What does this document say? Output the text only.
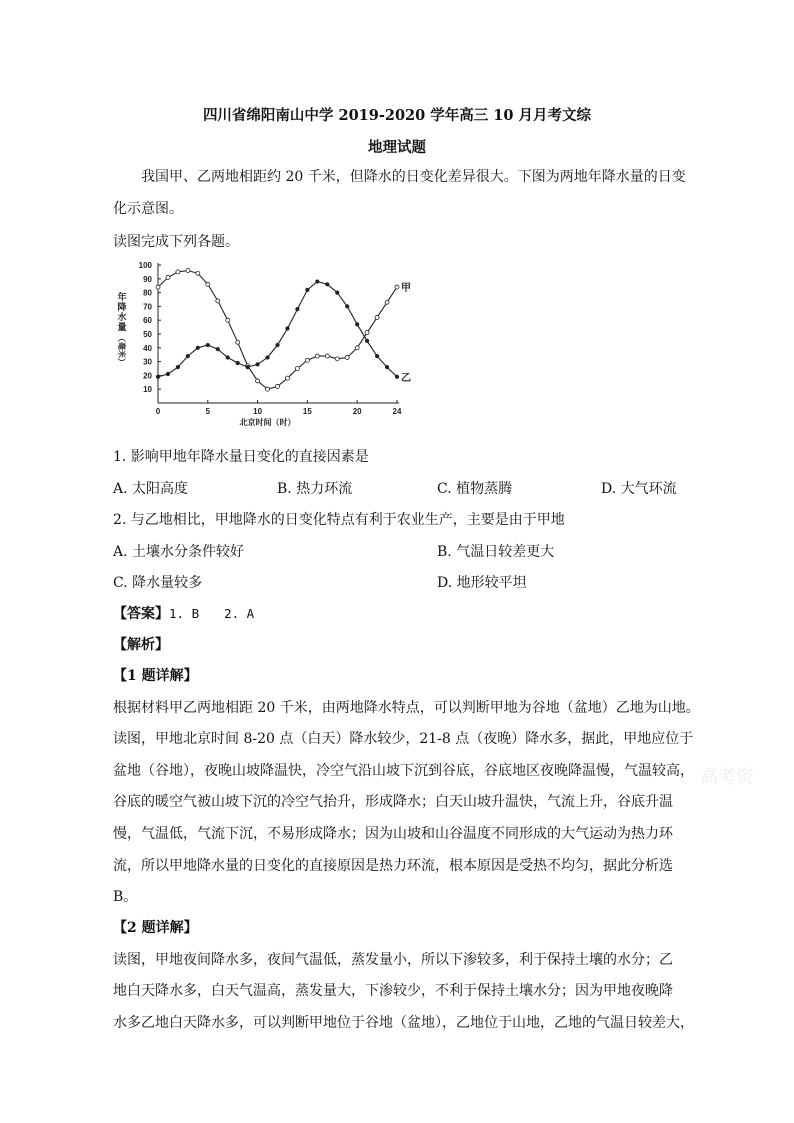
四川省绵阳南山中学 2019-2020 学年高三 10 月月考文综
地理试题
　　我国甲、乙两地相距约 20 千米，但降水的日变化差异很大。下图为两地年降水量的日变
化示意图。
读图完成下列各题。
10
20
30
40
50
60
70
80
90
100
0	5	10	15	20	24
北京时间（时）
年
降
水
量
（毫米）
甲
乙
1. 影响甲地年降水量日变化的直接因素是
A. 太阳高度	B. 热力环流	C. 植物蒸腾	D. 大气环流
2. 与乙地相比，甲地降水的日变化特点有利于农业生产，主要是由于甲地
A. 土壤水分条件较好	B. 气温日较差更大
C. 降水量较多	D. 地形较平坦
【答案】1. B　　2. A
【解析】
【1 题详解】
根据材料甲乙两地相距 20 千米，由两地降水特点，可以判断甲地为谷地（盆地）乙地为山地。
读图，甲地北京时间 8-20 点（白天）降水较少，21-8 点（夜晚）降水多，据此，甲地应位于
盆地（谷地），夜晚山坡降温快，冷空气沿山坡下沉到谷底，谷底地区夜晚降温慢，气温较高，
谷底的暖空气被山坡下沉的冷空气抬升，形成降水；白天山坡升温快，气流上升，谷底升温
慢，气温低，气流下沉，不易形成降水；因为山坡和山谷温度不同形成的大气运动为热力环
流，所以甲地降水量的日变化的直接原因是热力环流，根本原因是受热不均匀，据此分析选
B。
【2 题详解】
读图，甲地夜间降水多，夜间气温低，蒸发量小，所以下渗较多，利于保持土壤的水分；乙
地白天降水多，白天气温高，蒸发量大，下渗较少，不利于保持土壤水分；因为甲地夜晚降
水多乙地白天降水多，可以判断甲地位于谷地（盆地），乙地位于山地，乙地的气温日较差大，
高考资
